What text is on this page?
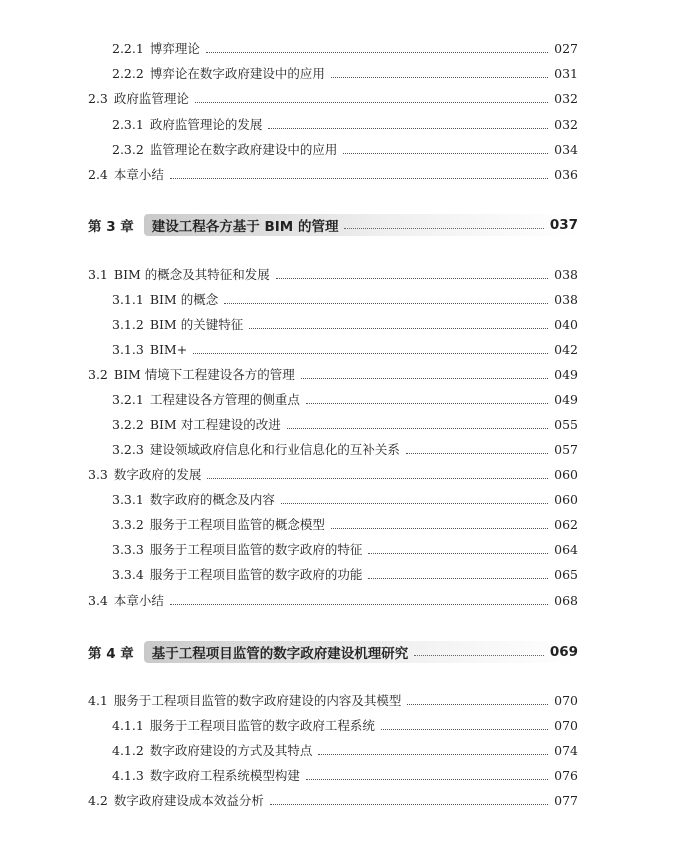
2.2.1 博弈理论	027
2.2.2 博弈论在数字政府建设中的应用	031
2.3 政府监管理论	032
2.3.1 政府监管理论的发展	032
2.3.2 监管理论在数字政府建设中的应用	034
2.4 本章小结	036
第 3 章 建设工程各方基于 BIM 的管理	037
3.1 BIM 的概念及其特征和发展	038
3.1.1 BIM 的概念	038
3.1.2 BIM 的关键特征	040
3.1.3 BIM+	042
3.2 BIM 情境下工程建设各方的管理	049
3.2.1 工程建设各方管理的侧重点	049
3.2.2 BIM 对工程建设的改进	055
3.2.3 建设领域政府信息化和行业信息化的互补关系	057
3.3 数字政府的发展	060
3.3.1 数字政府的概念及内容	060
3.3.2 服务于工程项目监管的概念模型	062
3.3.3 服务于工程项目监管的数字政府的特征	064
3.3.4 服务于工程项目监管的数字政府的功能	065
3.4 本章小结	068
第 4 章 基于工程项目监管的数字政府建设机理研究	069
4.1 服务于工程项目监管的数字政府建设的内容及其模型	070
4.1.1 服务于工程项目监管的数字政府工程系统	070
4.1.2 数字政府建设的方式及其特点	074
4.1.3 数字政府工程系统模型构建	076
4.2 数字政府建设成本效益分析	077
